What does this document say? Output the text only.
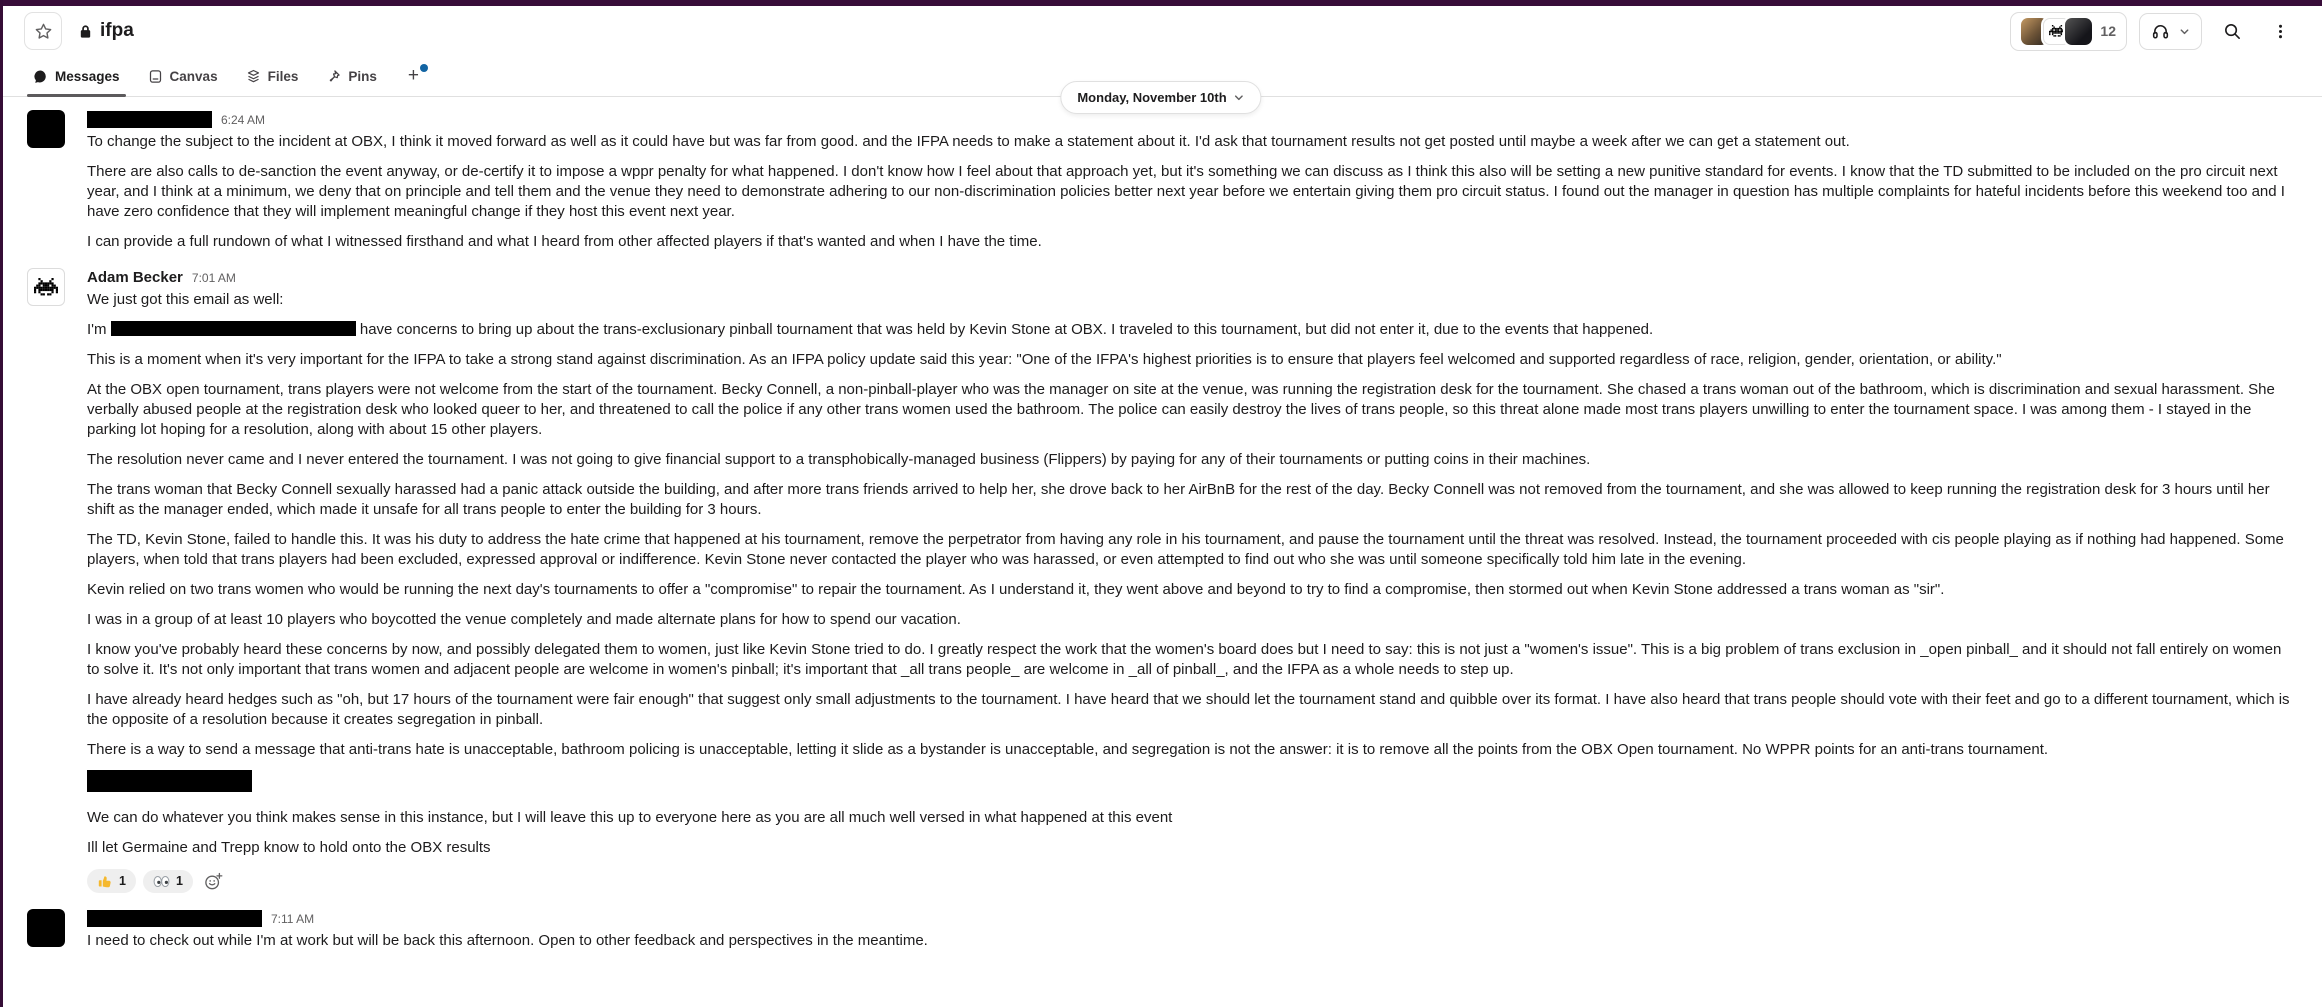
ifpa	12
Messages	Canvas	Files	Pins +
Monday, November 10th
6:24 AM

To change the subject to the incident at OBX, I think it moved forward as well as it could have but was far from good. and the IFPA needs to make a statement about it. I'd ask that tournament results not get posted until maybe a week after we can get a statement out.

There are also calls to de-sanction the event anyway, or de-certify it to impose a wppr penalty for what happened. I don't know how I feel about that approach yet, but it's something we can discuss as I think this also will be setting a new punitive standard for events. I know that the TD submitted to be included on the pro circuit next year, and I think at a minimum, we deny that on principle and tell them and the venue they need to demonstrate adhering to our non-discrimination policies better next year before we entertain giving them pro circuit status. I found out the manager in question has multiple complaints for hateful incidents before this weekend too and I have zero confidence that they will implement meaningful change if they host this event next year.

I can provide a full rundown of what I witnessed firsthand and what I heard from other affected players if that's wanted and when I have the time.

Adam Becker 7:01 AM

We just got this email as well:

I'm	have concerns to bring up about the trans-exclusionary pinball tournament that was held by Kevin Stone at OBX. I traveled to this tournament, but did not enter it, due to the events that happened.

This is a moment when it's very important for the IFPA to take a strong stand against discrimination. As an IFPA policy update said this year: "One of the IFPA's highest priorities is to ensure that players feel welcomed and supported regardless of race, religion, gender, orientation, or ability."

At the OBX open tournament, trans players were not welcome from the start of the tournament. Becky Connell, a non-pinball-player who was the manager on site at the venue, was running the registration desk for the tournament. She chased a trans woman out of the bathroom, which is discrimination and sexual harassment. She verbally abused people at the registration desk who looked queer to her, and threatened to call the police if any other trans women used the bathroom. The police can easily destroy the lives of trans people, so this threat alone made most trans players unwilling to enter the tournament space. I was among them - I stayed in the parking lot hoping for a resolution, along with about 15 other players.

The resolution never came and I never entered the tournament. I was not going to give financial support to a transphobically-managed business (Flippers) by paying for any of their tournaments or putting coins in their machines.

The trans woman that Becky Connell sexually harassed had a panic attack outside the building, and after more trans friends arrived to help her, she drove back to her AirBnB for the rest of the day. Becky Connell was not removed from the tournament, and she was allowed to keep running the registration desk for 3 hours until her shift as the manager ended, which made it unsafe for all trans people to enter the building for 3 hours.

The TD, Kevin Stone, failed to handle this. It was his duty to address the hate crime that happened at his tournament, remove the perpetrator from having any role in his tournament, and pause the tournament until the threat was resolved. Instead, the tournament proceeded with cis people playing as if nothing had happened. Some players, when told that trans players had been excluded, expressed approval or indifference. Kevin Stone never contacted the player who was harassed, or even attempted to find out who she was until someone specifically told him late in the evening.

Kevin relied on two trans women who would be running the next day's tournaments to offer a "compromise" to repair the tournament. As I understand it, they went above and beyond to try to find a compromise, then stormed out when Kevin Stone addressed a trans woman as "sir".

I was in a group of at least 10 players who boycotted the venue completely and made alternate plans for how to spend our vacation.

I know you've probably heard these concerns by now, and possibly delegated them to women, just like Kevin Stone tried to do. I greatly respect the work that the women's board does but I need to say: this is not just a "women's issue". This is a big problem of trans exclusion in _open pinball_ and it should not fall entirely on women to solve it. It's not only important that trans women and adjacent people are welcome in women's pinball; it's important that _all trans people_ are welcome in _all of pinball_, and the IFPA as a whole needs to step up.

I have already heard hedges such as "oh, but 17 hours of the tournament were fair enough" that suggest only small adjustments to the tournament. I have heard that we should let the tournament stand and quibble over its format. I have also heard that trans people should vote with their feet and go to a different tournament, which is the opposite of a resolution because it creates segregation in pinball.

There is a way to send a message that anti-trans hate is unacceptable, bathroom policing is unacceptable, letting it slide as a bystander is unacceptable, and segregation is not the answer: it is to remove all the points from the OBX Open tournament. No WPPR points for an anti-trans tournament.

We can do whatever you think makes sense in this instance, but I will leave this up to everyone here as you are all much well versed in what happened at this event

Ill let Germaine and Trepp know to hold onto the OBX results

1	1
7:11 AM

I need to check out while I'm at work but will be back this afternoon. Open to other feedback and perspectives in the meantime.
